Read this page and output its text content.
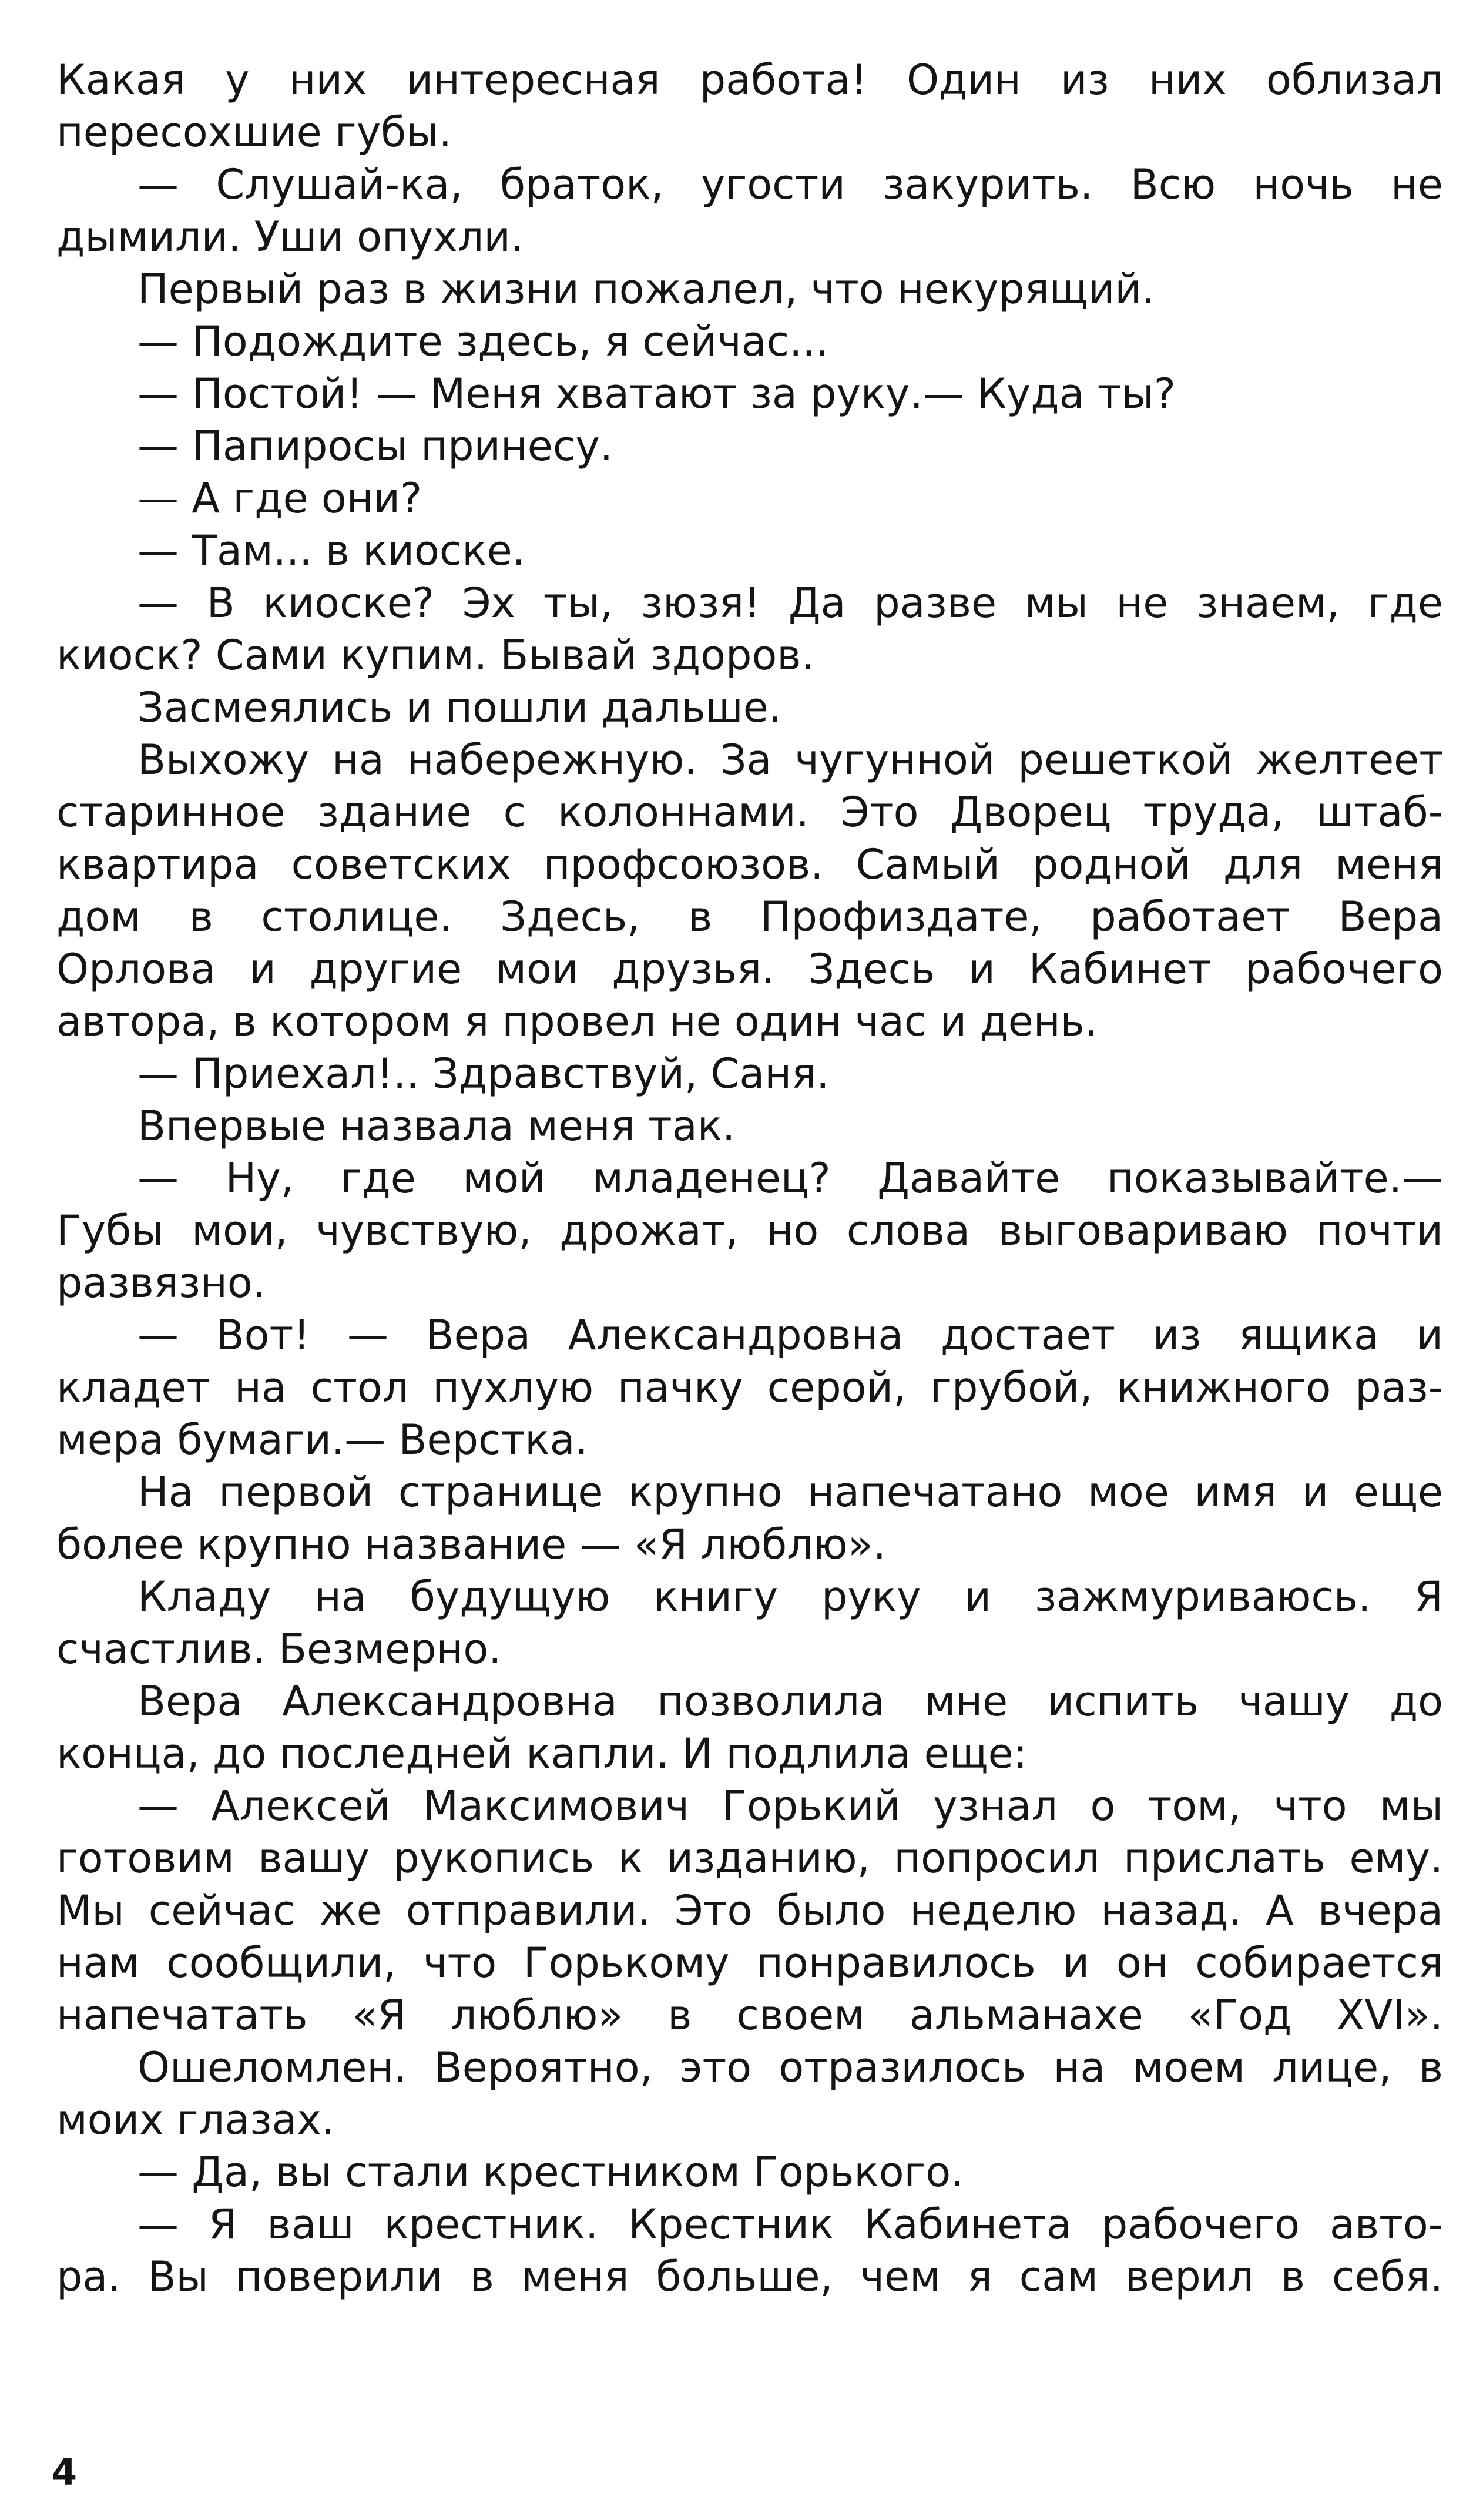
Какая у них интересная работа! Один из них облизал
пересохшие губы.
— Слушай-ка, браток, угости закурить. Всю ночь не
дымили. Уши опухли.
Первый раз в жизни пожалел, что некурящий.
— Подождите здесь, я сейчас...
— Постой! — Меня хватают за руку.— Куда ты?
— Папиросы принесу.
— А где они?
— Там... в киоске.
— В киоске? Эх ты, зюзя! Да разве мы не знаем, где
киоск? Сами купим. Бывай здоров.
Засмеялись и пошли дальше.
Выхожу на набережную. За чугунной решеткой желтеет
старинное здание с колоннами. Это Дворец труда, штаб-
квартира советских профсоюзов. Самый родной для меня
дом в столице. Здесь, в Профиздате, работает Вера
Орлова и другие мои друзья. Здесь и Кабинет рабочего
автора, в котором я провел не один час и день.
— Приехал!.. Здравствуй, Саня.
Впервые назвала меня так.
— Ну, где мой младенец? Давайте показывайте.—
Губы мои, чувствую, дрожат, но слова выговариваю почти
развязно.
— Вот! — Вера Александровна достает из ящика и
кладет на стол пухлую пачку серой, грубой, книжного раз-
мера бумаги.— Верстка.
На первой странице крупно напечатано мое имя и еще
более крупно название — «Я люблю».
Кладу на будущую книгу руку и зажмуриваюсь. Я
счастлив. Безмерно.
Вера Александровна позволила мне испить чашу до
конца, до последней капли. И подлила еще:
— Алексей Максимович Горький узнал о том, что мы
готовим вашу рукопись к изданию, попросил прислать ему.
Мы сейчас же отправили. Это было неделю назад. А вчера
нам сообщили, что Горькому понравилось и он собирается
напечатать «Я люблю» в своем альманахе «Год XVI».
Ошеломлен. Вероятно, это отразилось на моем лице, в
моих глазах.
— Да, вы стали крестником Горького.
— Я ваш крестник. Крестник Кабинета рабочего авто-
ра. Вы поверили в меня больше, чем я сам верил в себя.
4
